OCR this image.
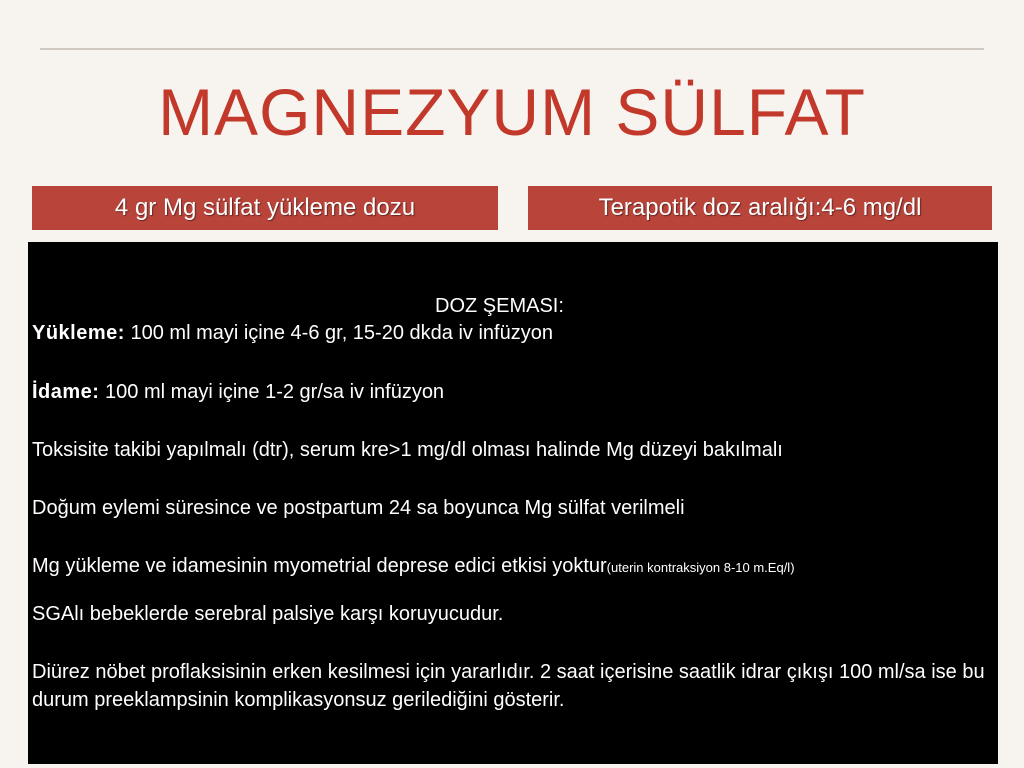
MAGNEZYUM SÜLFAT
4 gr Mg sülfat yükleme dozu	Terapotik doz aralığı:4-6 mg/dl
DOZ ŞEMASI:
Yükleme: 100 ml mayi içine 4-6 gr, 15-20 dkda iv infüzyon
İdame: 100 ml mayi içine 1-2 gr/sa iv infüzyon
Toksisite takibi yapılmalı (dtr), serum kre>1 mg/dl olması halinde Mg düzeyi bakılmalı
Doğum eylemi süresince ve postpartum 24 sa boyunca Mg sülfat verilmeli
Mg yükleme ve idamesinin myometrial deprese edici etkisi yoktur(uterin kontraksiyon 8-10 m.Eq/l)
SGAlı bebeklerde serebral palsiye karşı koruyucudur.
Diürez nöbet proflaksisinin erken kesilmesi için yararlıdır. 2 saat içerisine saatlik idrar çıkışı 100 ml/sa ise bu durum preeklampsinin komplikasyonsuz gerilediğini gösterir.
